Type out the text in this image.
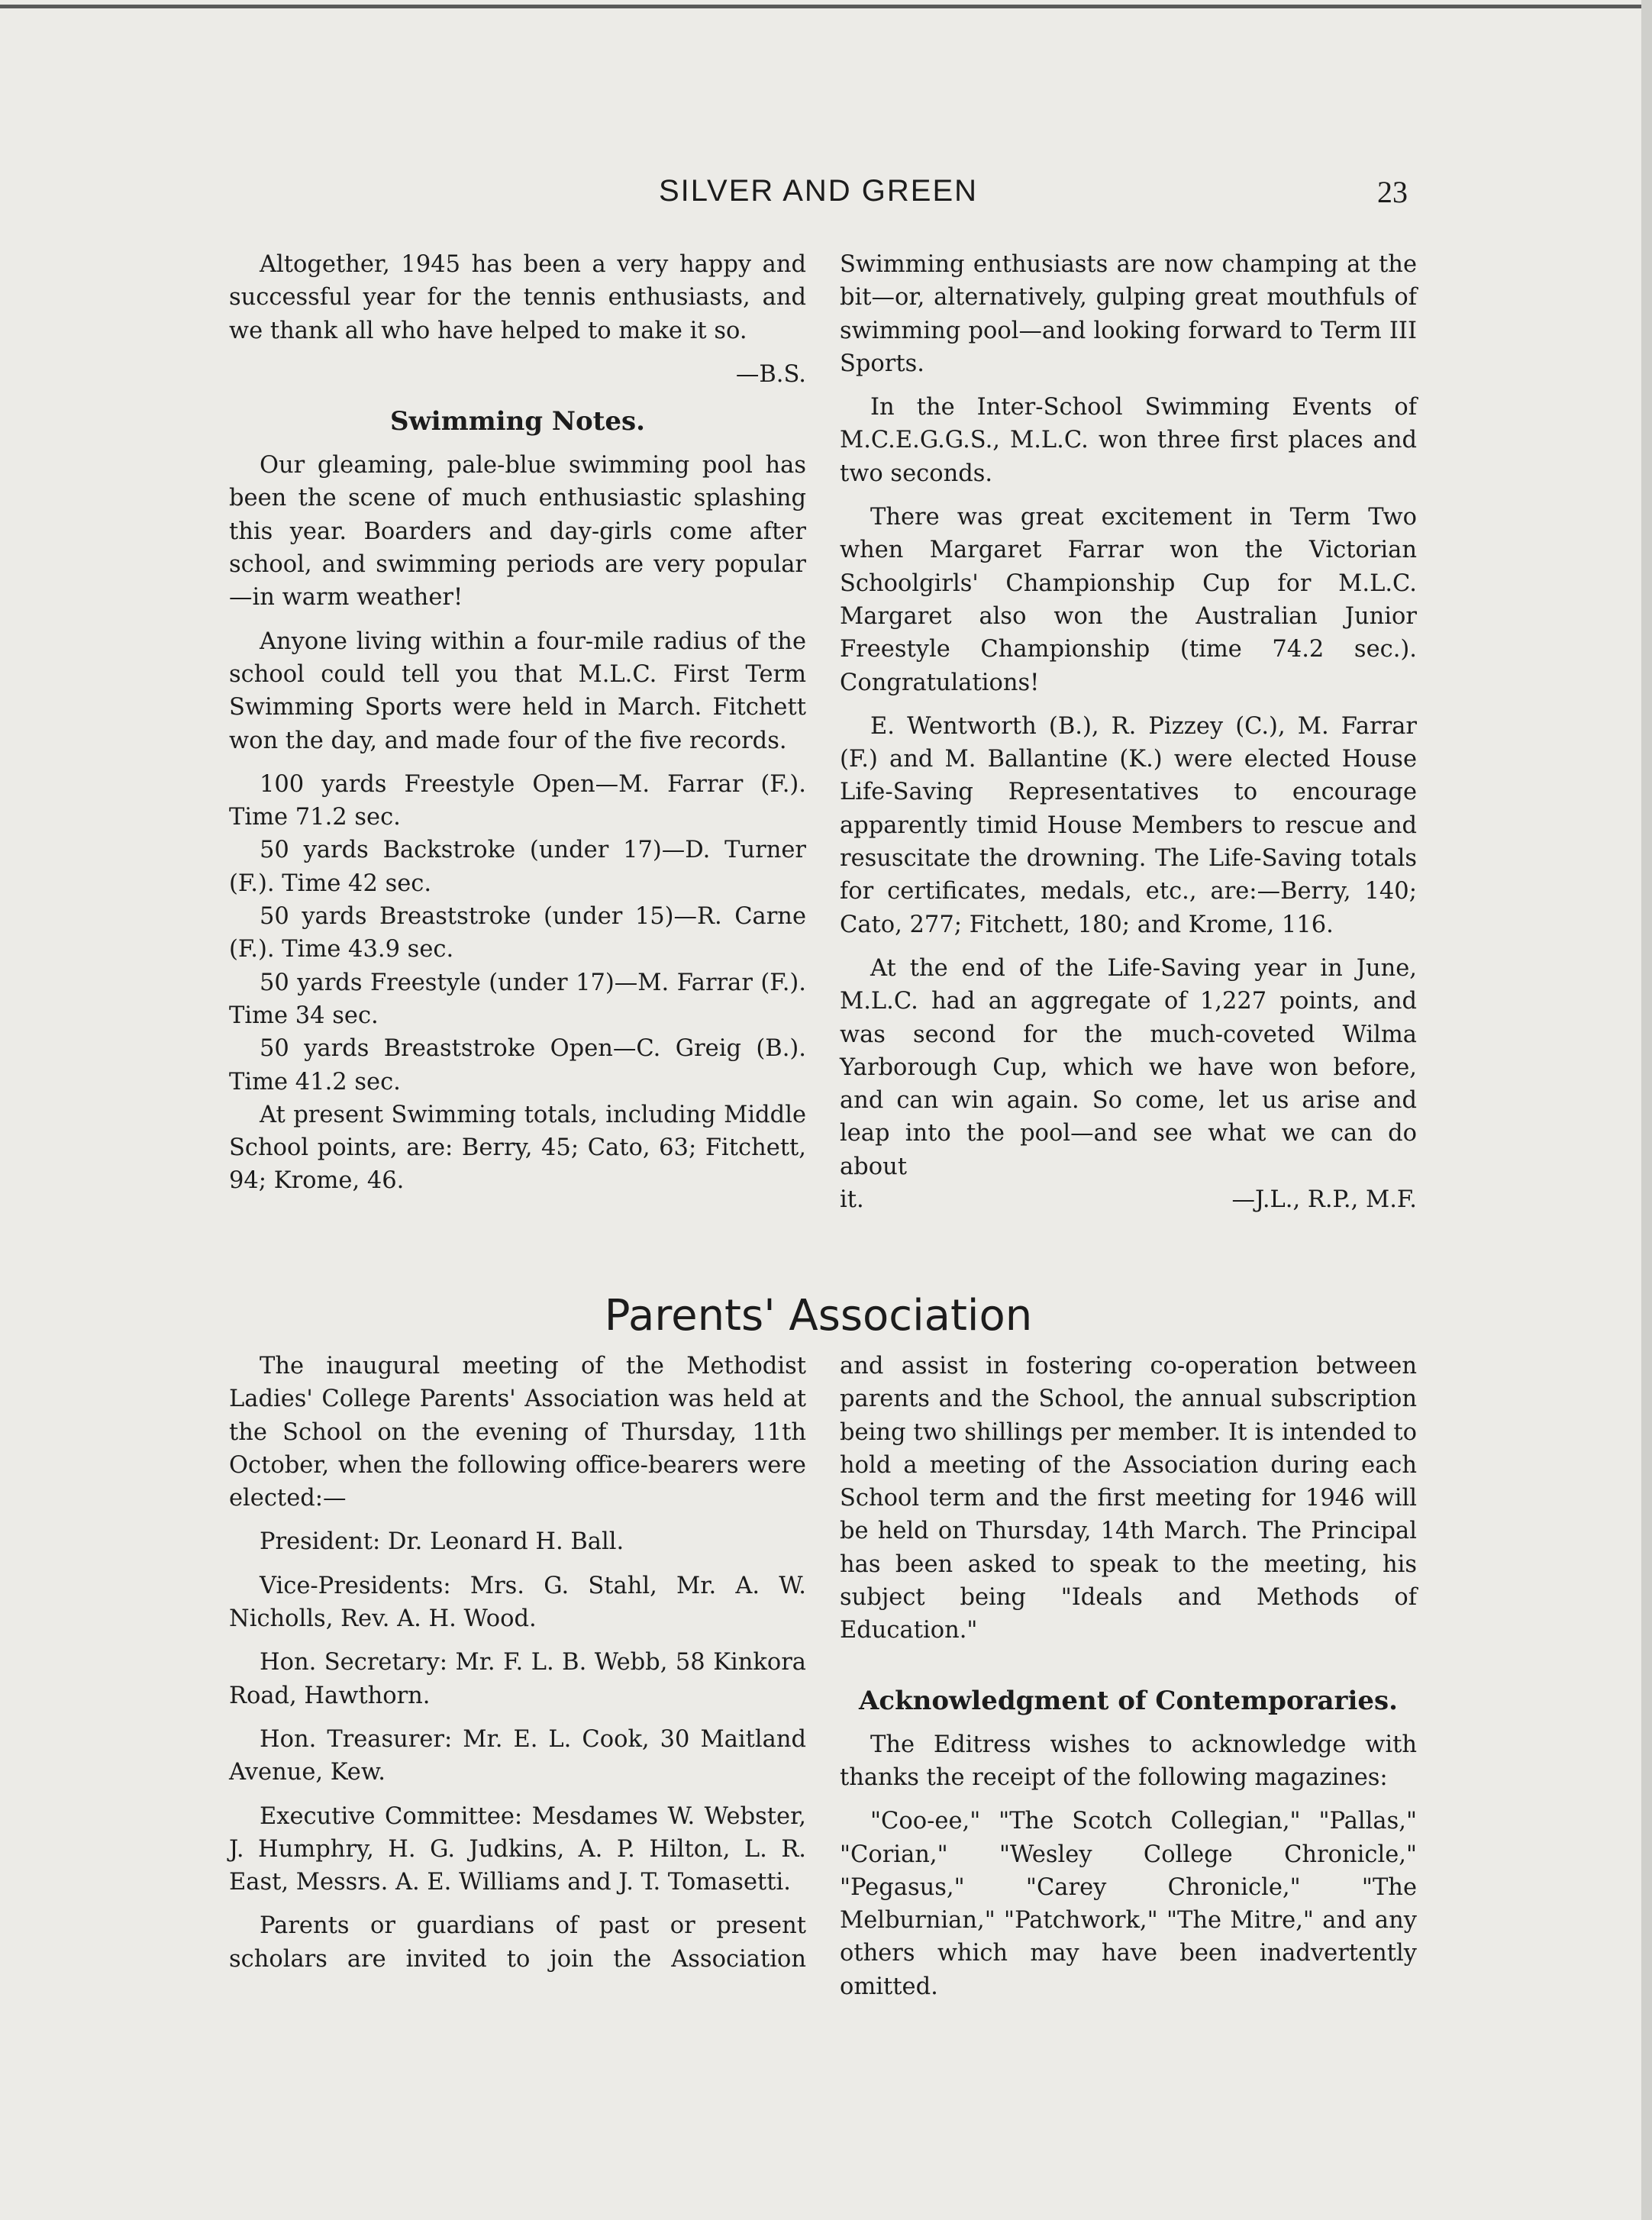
SILVER AND GREEN	23

Altogether, 1945 has been a very happy and successful year for the tennis enthusiasts, and we thank all who have helped to make it so.

—B.S.

Swimming Notes.

Our gleaming, pale-blue swimming pool has been the scene of much enthusiastic splashing this year. Boarders and day-girls come after school, and swimming periods are very popular —in warm weather!

Anyone living within a four-mile radius of the school could tell you that M.L.C. First Term Swimming Sports were held in March. Fitchett won the day, and made four of the five records.

100 yards Freestyle Open—M. Farrar (F.). Time 71.2 sec.

50 yards Backstroke (under 17)—D. Turner (F.). Time 42 sec.

50 yards Breaststroke (under 15)—R. Carne (F.). Time 43.9 sec.

50 yards Freestyle (under 17)—M. Farrar (F.). Time 34 sec.

50 yards Breaststroke Open—C. Greig (B.). Time 41.2 sec.

At present Swimming totals, including Middle School points, are: Berry, 45; Cato, 63; Fitchett, 94; Krome, 46.

Swimming enthusiasts are now champing at the bit—or, alternatively, gulping great mouthfuls of swimming pool—and looking forward to Term III Sports.

In the Inter-School Swimming Events of M.C.E.G.G.S., M.L.C. won three first places and two seconds.

There was great excitement in Term Two when Margaret Farrar won the Victorian Schoolgirls' Championship Cup for M.L.C. Margaret also won the Australian Junior Freestyle Championship (time 74.2 sec.). Congratulations!

E. Wentworth (B.), R. Pizzey (C.), M. Farrar (F.) and M. Ballantine (K.) were elected House Life-Saving Representatives to encourage apparently timid House Members to rescue and resuscitate the drowning. The Life-Saving totals for certificates, medals, etc., are:—Berry, 140; Cato, 277; Fitchett, 180; and Krome, 116.

At the end of the Life-Saving year in June, M.L.C. had an aggregate of 1,227 points, and was second for the much-coveted Wilma Yarborough Cup, which we have won before, and can win again. So come, let us arise and leap into the pool—and see what we can do about

it.	—J.L., R.P., M.F.

Parents' Association

The inaugural meeting of the Methodist Ladies' College Parents' Association was held at the School on the evening of Thursday, 11th October, when the following office-bearers were elected:—

President: Dr. Leonard H. Ball.

Vice-Presidents: Mrs. G. Stahl, Mr. A. W. Nicholls, Rev. A. H. Wood.

Hon. Secretary: Mr. F. L. B. Webb, 58 Kinkora Road, Hawthorn.

Hon. Treasurer: Mr. E. L. Cook, 30 Maitland Avenue, Kew.

Executive Committee: Mesdames W. Webster, J. Humphry, H. G. Judkins, A. P. Hilton, L. R. East, Messrs. A. E. Williams and J. T. Tomasetti.

Parents or guardians of past or present scholars are invited to join the Association

and assist in fostering co-operation between parents and the School, the annual subscription being two shillings per member. It is intended to hold a meeting of the Association during each School term and the first meeting for 1946 will be held on Thursday, 14th March. The Principal has been asked to speak to the meeting, his subject being "Ideals and Methods of Education."

Acknowledgment of Contemporaries.

The Editress wishes to acknowledge with thanks the receipt of the following magazines:

"Coo-ee," "The Scotch Collegian," "Pallas," "Corian," "Wesley College Chronicle," "Pegasus," "Carey Chronicle," "The Melburnian," "Patchwork," "The Mitre," and any others which may have been inadvertently omitted.
